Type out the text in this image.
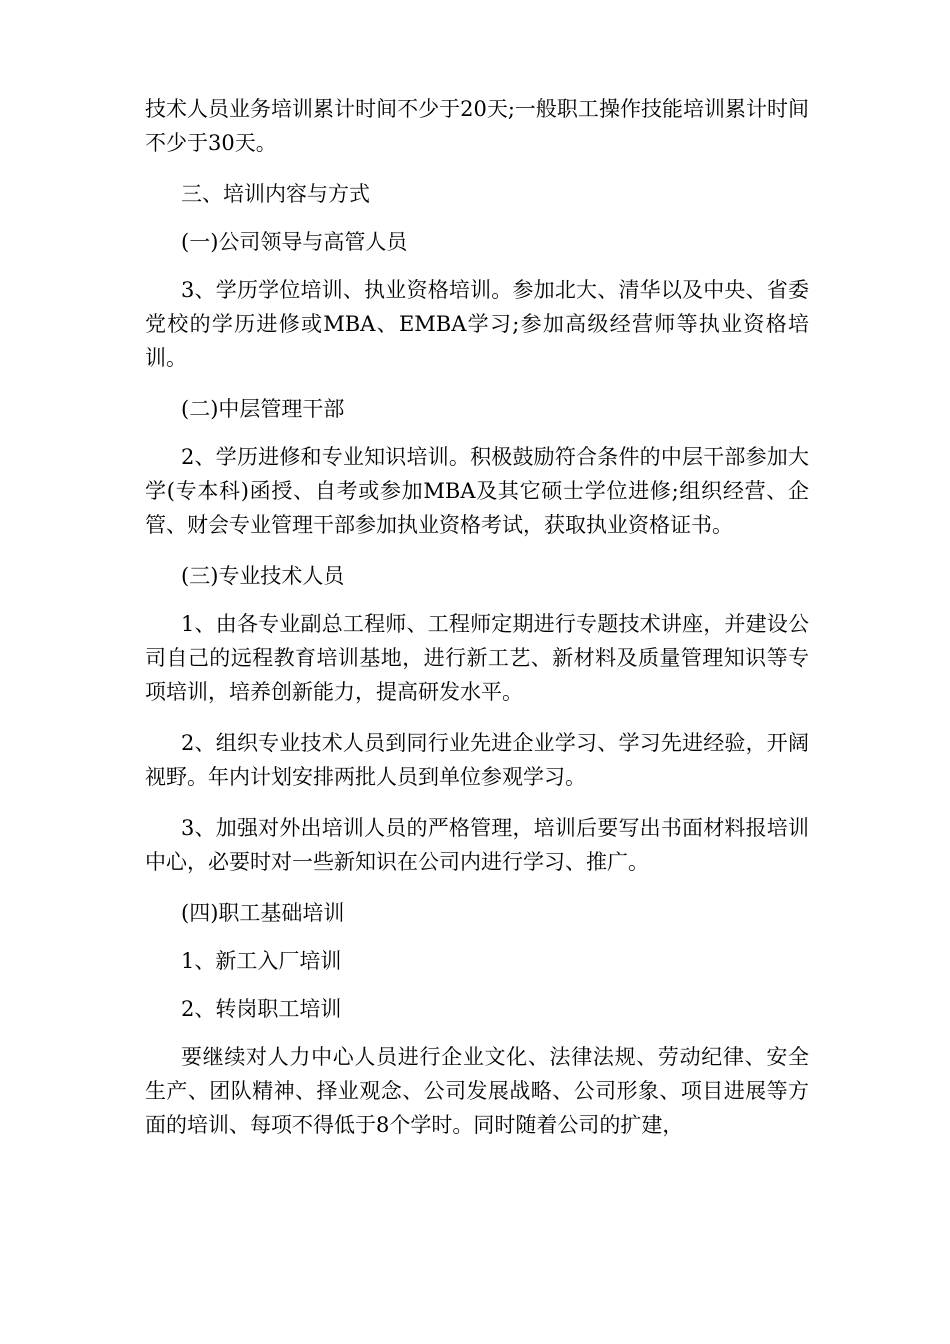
技术人员业务培训累计时间不少于20天;一般职工操作技能培训累计时间不少于30天。

三、培训内容与方式

(一)公司领导与高管人员

3、学历学位培训、执业资格培训。参加北大、清华以及中央、省委党校的学历进修或MBA、EMBA学习;参加高级经营师等执业资格培训。

(二)中层管理干部

2、学历进修和专业知识培训。积极鼓励符合条件的中层干部参加大学(专本科)函授、自考或参加MBA及其它硕士学位进修;组织经营、企管、财会专业管理干部参加执业资格考试，获取执业资格证书。

(三)专业技术人员

1、由各专业副总工程师、工程师定期进行专题技术讲座，并建设公司自己的远程教育培训基地，进行新工艺、新材料及质量管理知识等专项培训，培养创新能力，提高研发水平。

2、组织专业技术人员到同行业先进企业学习、学习先进经验，开阔视野。年内计划安排两批人员到单位参观学习。

3、加强对外出培训人员的严格管理，培训后要写出书面材料报培训中心，必要时对一些新知识在公司内进行学习、推广。

(四)职工基础培训

1、新工入厂培训

2、转岗职工培训

要继续对人力中心人员进行企业文化、法律法规、劳动纪律、安全生产、团队精神、择业观念、公司发展战略、公司形象、项目进展等方面的培训、每项不得低于8个学时。同时随着公司的扩建，
